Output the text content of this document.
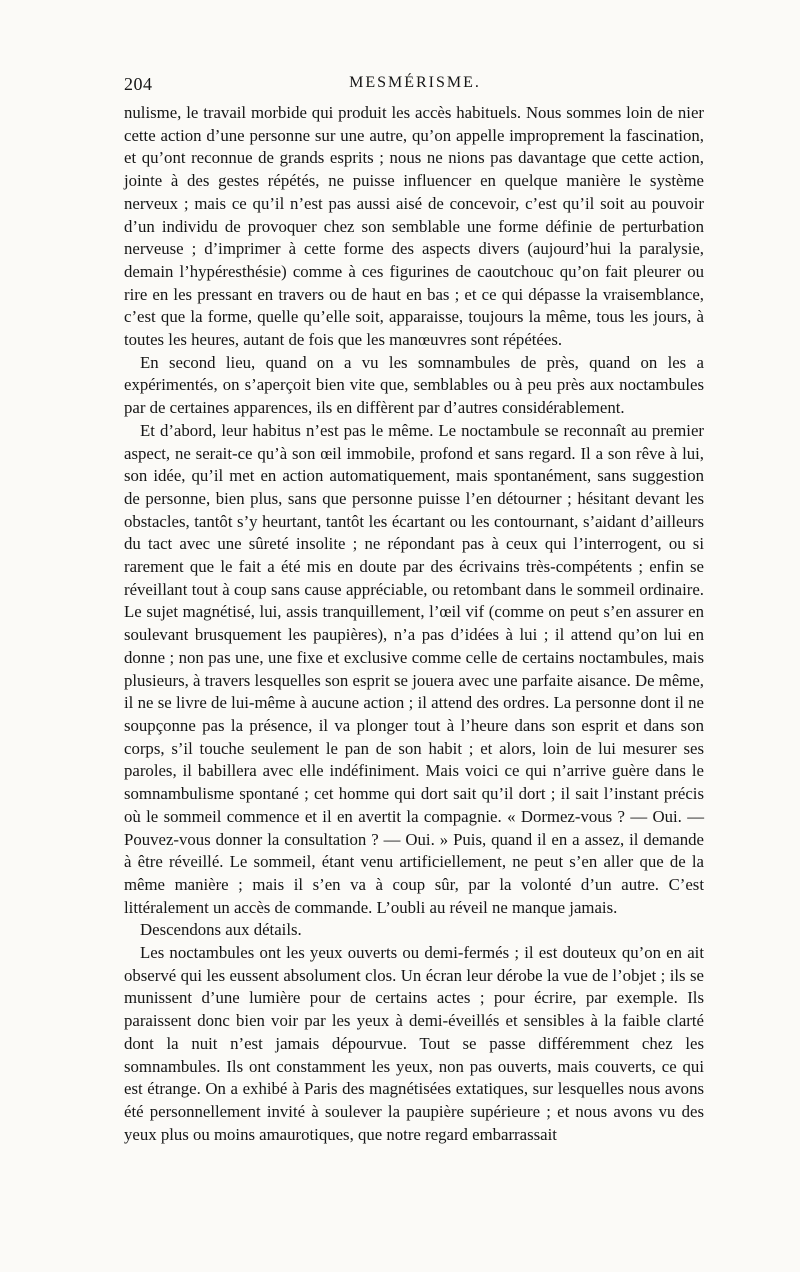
204	MESMÉRISME.

nulisme, le travail morbide qui produit les accès habituels. Nous sommes loin de nier cette action d’une personne sur une autre, qu’on appelle improprement la fascination, et qu’ont reconnue de grands esprits ; nous ne nions pas davantage que cette action, jointe à des gestes répétés, ne puisse influencer en quelque manière le système nerveux ; mais ce qu’il n’est pas aussi aisé de concevoir, c’est qu’il soit au pouvoir d’un individu de provoquer chez son semblable une forme définie de perturbation nerveuse ; d’imprimer à cette forme des aspects divers (aujourd’hui la paralysie, demain l’hypéresthésie) comme à ces figurines de caoutchouc qu’on fait pleurer ou rire en les pressant en travers ou de haut en bas ; et ce qui dépasse la vraisemblance, c’est que la forme, quelle qu’elle soit, apparaisse, toujours la même, tous les jours, à toutes les heures, autant de fois que les manœuvres sont répétées.

En second lieu, quand on a vu les somnambules de près, quand on les a expérimentés, on s’aperçoit bien vite que, semblables ou à peu près aux noctambules par de certaines apparences, ils en diffèrent par d’autres considérablement.

Et d’abord, leur habitus n’est pas le même. Le noctambule se reconnaît au premier aspect, ne serait-ce qu’à son œil immobile, profond et sans regard. Il a son rêve à lui, son idée, qu’il met en action automatiquement, mais spontanément, sans suggestion de personne, bien plus, sans que personne puisse l’en détourner ; hésitant devant les obstacles, tantôt s’y heurtant, tantôt les écartant ou les contournant, s’aidant d’ailleurs du tact avec une sûreté insolite ; ne répondant pas à ceux qui l’interrogent, ou si rarement que le fait a été mis en doute par des écrivains très-compétents ; enfin se réveillant tout à coup sans cause appréciable, ou retombant dans le sommeil ordinaire. Le sujet magnétisé, lui, assis tranquillement, l’œil vif (comme on peut s’en assurer en soulevant brusquement les paupières), n’a pas d’idées à lui ; il attend qu’on lui en donne ; non pas une, une fixe et exclusive comme celle de certains noctambules, mais plusieurs, à travers lesquelles son esprit se jouera avec une parfaite aisance. De même, il ne se livre de lui-même à aucune action ; il attend des ordres. La personne dont il ne soupçonne pas la présence, il va plonger tout à l’heure dans son esprit et dans son corps, s’il touche seulement le pan de son habit ; et alors, loin de lui mesurer ses paroles, il babillera avec elle indéfiniment. Mais voici ce qui n’arrive guère dans le somnambulisme spontané ; cet homme qui dort sait qu’il dort ; il sait l’instant précis où le sommeil commence et il en avertit la compagnie. « Dormez-vous ? — Oui. — Pouvez-vous donner la consultation ? — Oui. » Puis, quand il en a assez, il demande à être réveillé. Le sommeil, étant venu artificiellement, ne peut s’en aller que de la même manière ; mais il s’en va à coup sûr, par la volonté d’un autre. C’est littéralement un accès de commande. L’oubli au réveil ne manque jamais.

Descendons aux détails.

Les noctambules ont les yeux ouverts ou demi-fermés ; il est douteux qu’on en ait observé qui les eussent absolument clos. Un écran leur dérobe la vue de l’objet ; ils se munissent d’une lumière pour de certains actes ; pour écrire, par exemple. Ils paraissent donc bien voir par les yeux à demi-éveillés et sensibles à la faible clarté dont la nuit n’est jamais dépourvue. Tout se passe différemment chez les somnambules. Ils ont constamment les yeux, non pas ouverts, mais couverts, ce qui est étrange. On a exhibé à Paris des magnétisées extatiques, sur lesquelles nous avons été personnellement invité à soulever la paupière supérieure ; et nous avons vu des yeux plus ou moins amaurotiques, que notre regard embarrassait
